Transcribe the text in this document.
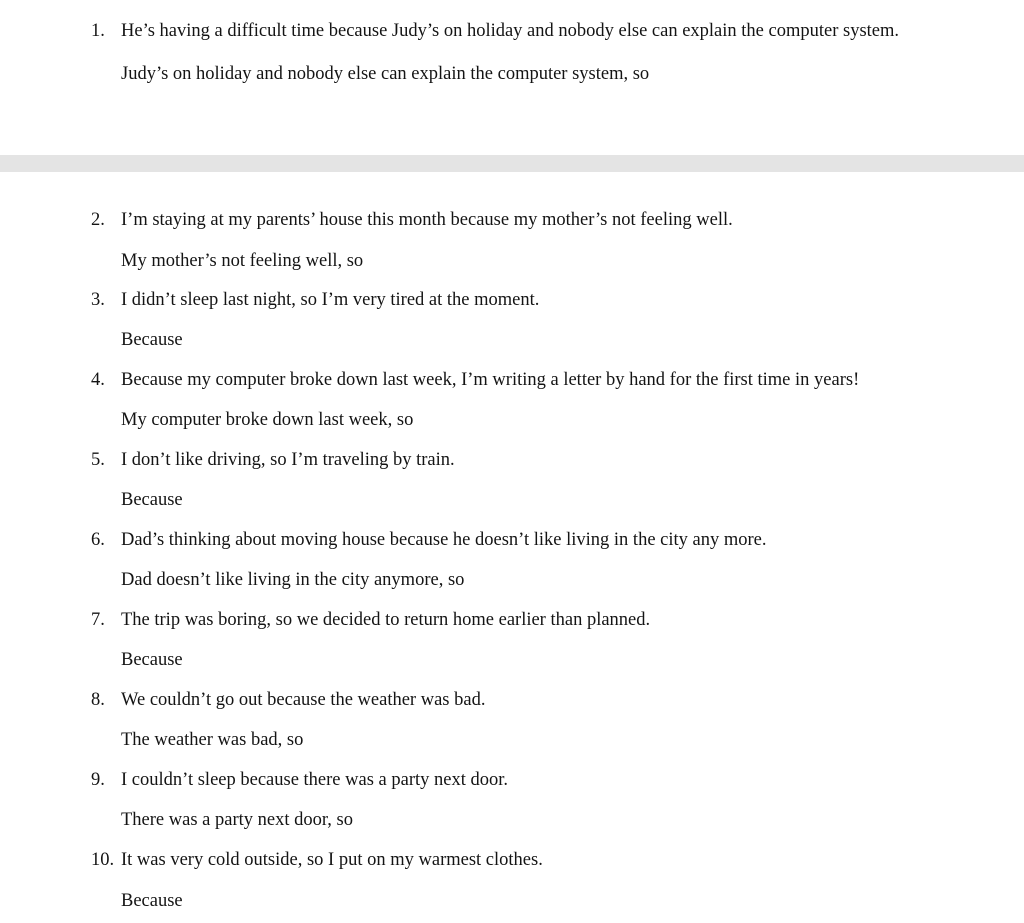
1. He’s having a difficult time because Judy’s on holiday and nobody else can explain the computer system.
Judy’s on holiday and nobody else can explain the computer system, so
2. I’m staying at my parents’ house this month because my mother’s not feeling well.
My mother’s not feeling well, so
3. I didn’t sleep last night, so I’m very tired at the moment.
Because
4. Because my computer broke down last week, I’m writing a letter by hand for the first time in years!
My computer broke down last week, so
5. I don’t like driving, so I’m traveling by train.
Because
6. Dad’s thinking about moving house because he doesn’t like living in the city any more.
Dad doesn’t like living in the city anymore, so
7. The trip was boring, so we decided to return home earlier than planned.
Because
8. We couldn’t go out because the weather was bad.
The weather was bad, so
9. I couldn’t sleep because there was a party next door.
There was a party next door, so
10. It was very cold outside, so I put on my warmest clothes.
Because
